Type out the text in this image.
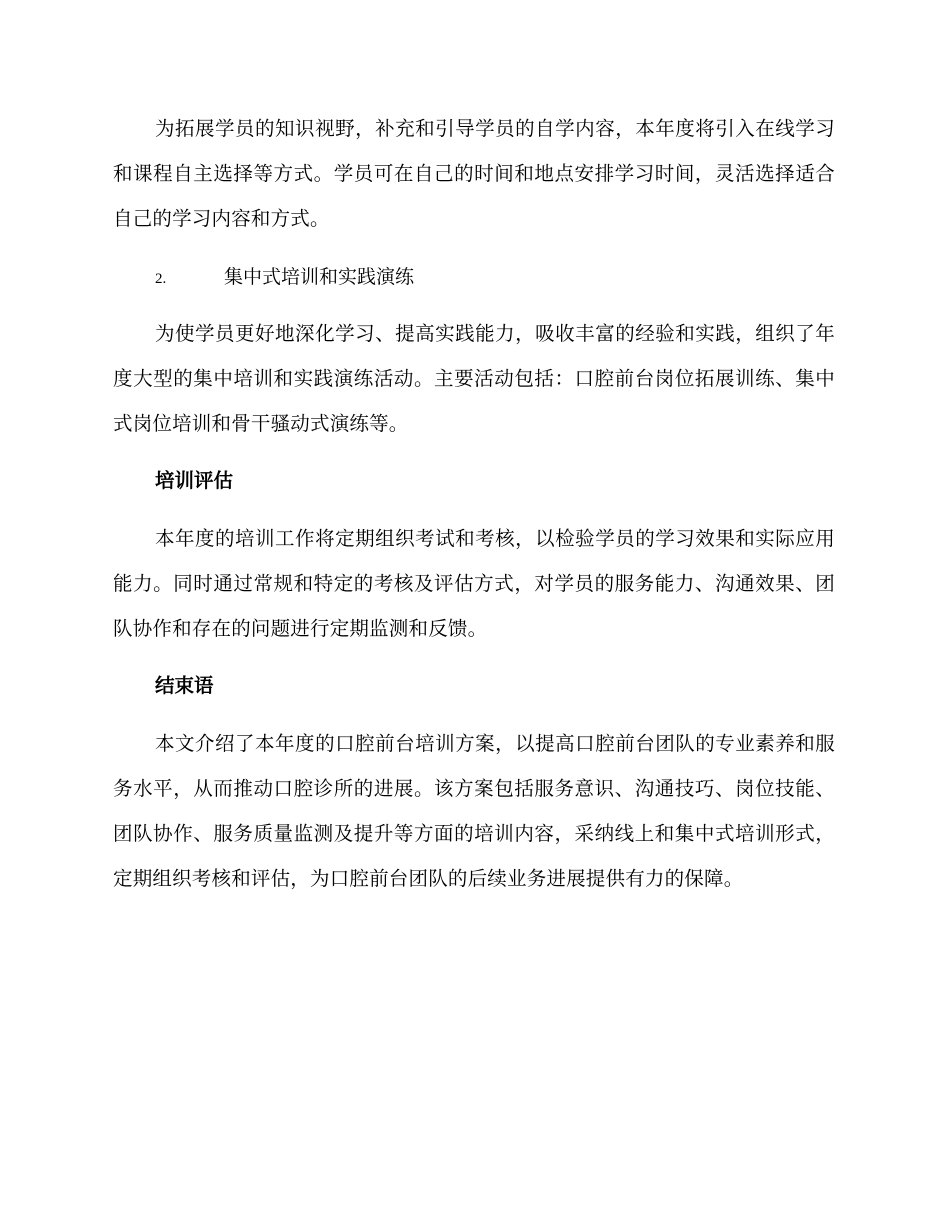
为拓展学员的知识视野，补充和引导学员的自学内容，本年度将引入在线学习和课程自主选择等方式。学员可在自己的时间和地点安排学习时间，灵活选择适合自己的学习内容和方式。

2.	集中式培训和实践演练

为使学员更好地深化学习、提高实践能力，吸收丰富的经验和实践，组织了年度大型的集中培训和实践演练活动。主要活动包括：口腔前台岗位拓展训练、集中式岗位培训和骨干骚动式演练等。

培训评估

本年度的培训工作将定期组织考试和考核，以检验学员的学习效果和实际应用能力。同时通过常规和特定的考核及评估方式，对学员的服务能力、沟通效果、团队协作和存在的问题进行定期监测和反馈。

结束语

本文介绍了本年度的口腔前台培训方案，以提高口腔前台团队的专业素养和服务水平，从而推动口腔诊所的进展。该方案包括服务意识、沟通技巧、岗位技能、团队协作、服务质量监测及提升等方面的培训内容，采纳线上和集中式培训形式，定期组织考核和评估，为口腔前台团队的后续业务进展提供有力的保障。
